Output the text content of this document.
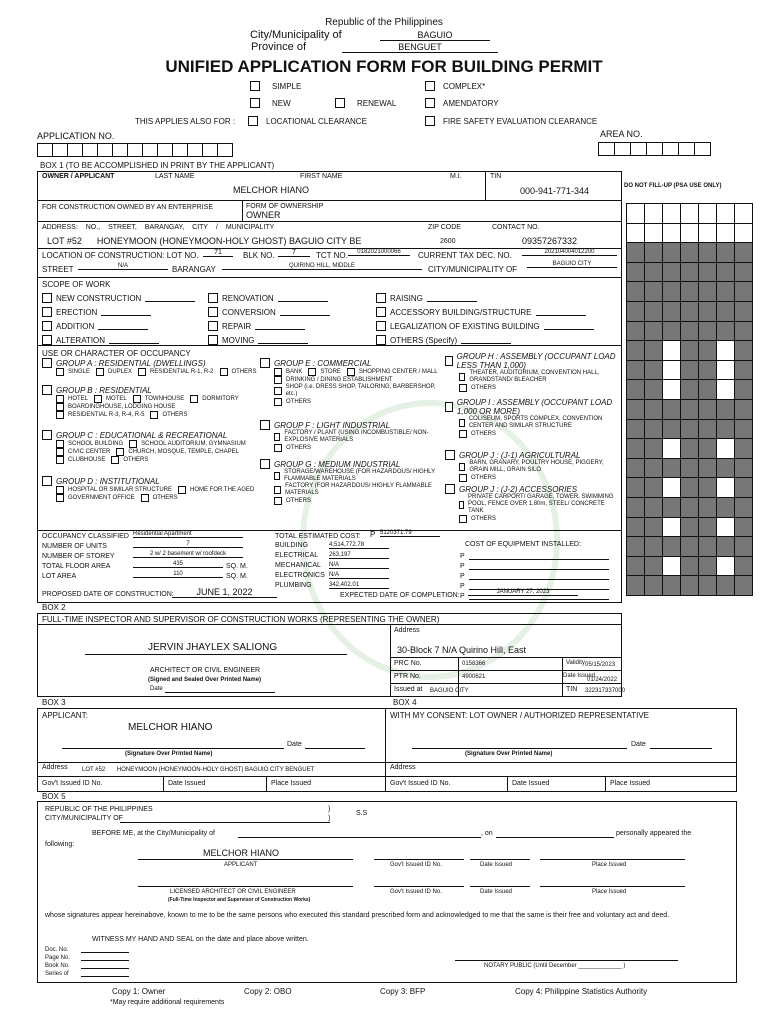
Republic of the Philippines
City/Municipality of	BAGUIO
Province of	BENGUET
UNIFIED APPLICATION FORM FOR BUILDING PERMIT
SIMPLE	COMPLEX*
NEW	RENEWAL	AMENDATORY
THIS APPLIES ALSO FOR :	LOCATIONAL CLEARANCE	FIRE SAFETY EVALUATION CLEARANCE
APPLICATION NO.	AREA NO.
BOX 1 (TO BE ACCOMPLISHED IN PRINT BY THE APPLICANT)
OWNER / APPLICANT	LAST NAME	FIRST NAME	M.I.	TIN
MELCHOR HIANO	000-941-771-344
FOR CONSTRUCTION OWNED BY AN ENTERPRISE	FORM OF OWNERSHIP
OWNER
ADDRESS: NO., STREET, BARANGAY, CITY / MUNICIPALITY	ZIP CODE	CONTACT NO.
LOT #52      HONEYMOON (HONEYMOON-HOLY GHOST) BAGUIO CITY BE	2600	09357267332
LOCATION OF CONSTRUCTION: LOT NO.	71	BLK NO.	7	TCT NO.	0182021000066	CURRENT TAX DEC. NO.	20210400401220​0
STREET	N/A	BARANGAY	QUIRINO HILL, MIDDLE	CITY/MUNICIPALITY OF
BAGUIO CITY
SCOPE OF WORK
NEW CONSTRUCTION
ERECTION
ADDITION
ALTERATION
RENOVATION
CONVERSION
REPAIR
MOVING
RAISING
ACCESSORY BUILDING/STRUCTURE
LEGALIZATION OF EXISTING BUILDING
OTHERS (Specify)
USE OR CHARACTER OF OCCUPANCY
GROUP A : RESIDENTIAL (DWELLINGS)
SINGLE	DUPLEX	RESIDENTIAL R-1, R-2	OTHERS
GROUP B : RESIDENTIAL
HOTEL	MOTEL	TOWNHOUSE	DORMITORY
BOARDINGHOUSE, LODGING HOUSE
RESIDENTIAL R-3, R-4, R-5	OTHERS
GROUP C : EDUCATIONAL & RECREATIONAL
SCHOOL BUILDING	SCHOOL AUDITORIUM, GYMNASIUM
CIVIC CENTER	CHURCH, MOSQUE, TEMPLE, CHAPEL
CLUBHOUSE	OTHERS
GROUP D : INSTITUTIONAL
HOSPITAL OR SIMILAR STRUCTURE	HOME FOR THE AGED
GOVERNMENT OFFICE	OTHERS
GROUP E : COMMERCIAL
BANK	STORE	SHOPPING CENTER / MALL
DRINKING / DINING ESTABLISHMENT
SHOP (i.e. DRESS SHOP, TAILORING, BARBERSHOP, etc.)
OTHERS
GROUP F : LIGHT INDUSTRIAL
FACTORY / PLANT (USING INCOMBUSTIBLE/ NON-EXPLOSIVE MATERIALS
OTHERS
GROUP G : MEDIUM INDUSTRIAL
STORAGE/WAREHOUSE (FOR HAZARDOUS/ HIGHLY FLAMMABLE MATERIALS
FACTORY (FOR HAZARDOUS/ HIGHLY FLAMMABLE MATERIALS
OTHERS
GROUP H : ASSEMBLY (OCCUPANT LOAD LESS THAN 1,000)
THEATER, AUDITORIUM, CONVENTION HALL, GRANDSTAND/ BLEACHER
OTHERS
GROUP I : ASSEMBLY (OCCUPANT LOAD 1,000 OR MORE)
COLISEUM, SPORTS COMPLEX, CONVENTION CENTER AND SIMILAR STRUCTURE
OTHERS
GROUP J : (J-1) AGRICULTURAL
BARN, GRANARY, POULTRY HOUSE, PIGGERY, GRAIN MILL, GRAIN SILO
OTHERS
GROUP J : (J-2) ACCESSORIES
PRIVATE CARPORT/ GARAGE, TOWER, SWIMMING POOL, FENCE OVER 1.80m, STEEL/ CONCRETE TANK
OTHERS
OCCUPANCY CLASSIFIED Residential Apartment
NUMBER OF UNITS	7
NUMBER OF STOREY	2 w/ 2 basement w/ roofdeck
TOTAL FLOOR AREA	435	SQ. M.
LOT AREA	110	SQ. M.
PROPOSED DATE OF CONSTRUCTION:	JUNE 1, 2022
TOTAL ESTIMATED COST: P 5120371.79
BUILDING	4,514,772.78
ELECTRICAL	263,197
MECHANICAL	N/A
ELECTRONICS N/A
PLUMBING	342,402.01
COST OF EQUIPMENT INSTALLED:
P
P
P
P
P
EXPECTED DATE OF COMPLETION:	JANUARY 27, 2023
DO NOT FILL-UP (PSA USE ONLY)
BOX 2
FULL-TIME INSPECTOR AND SUPERVISOR OF CONSTRUCTION WORKS (REPRESENTING THE OWNER)
JERVIN JHAYLEX SALIONG
ARCHITECT OR CIVIL ENGINEER
(Signed and Sealed Over Printed Name)
Date
Address
30-Block 7 N/A Quirino Hill, East
PRC No.	0158366	Validity 05/15/2023
PTR No.	4900621	Date Issued
01/24/2022
Issued at BAGUIO CITY	TIN 322317337000
BOX 3	BOX 4
APPLICANT:
MELCHOR HIANO
Date
(Signature Over Printed Name)
Address LOT #52       HONEYMOON (HONEYMOON-HOLY GHOST) BAGUIO CITY BENGUET
Gov't Issued ID No.	Date Issued	Place Issued
WITH MY CONSENT: LOT OWNER / AUTHORIZED REPRESENTATIVE
Date
(Signature Over Printed Name)
Address
Gov't Issued ID No.	Date Issued	Place Issued
BOX 5
REPUBLIC OF THE PHILIPPINES
CITY/MUNICIPALITY OF
)
)
S.S
BEFORE ME, at the City/Municipality of	, on	personally appeared the
following:
MELCHOR HIANO
APPLICANT	Gov't Issued ID No.	Date Issued	Place Issued
LICENSED ARCHITECT OR CIVIL ENGINEER	Gov't Issued ID No.	Date Issued	Place Issued
(Full-Time Inspector and Supervisor of Construction Works)
whose signatures appear hereinabove, known to me to be the same persons who executed this standard prescribed form and acknowledged to me that the same is their free and voluntary act and deed.
WITNESS MY HAND AND SEAL on the date and place above written.
Doc. No.
Page No.
Book No.
Series of
NOTARY PUBLIC (Until December _____________ )
Copy 1: Owner	Copy 2: OBO	Copy 3: BFP	Copy 4: Philippine Statistics Authority
*May require additional requirements
